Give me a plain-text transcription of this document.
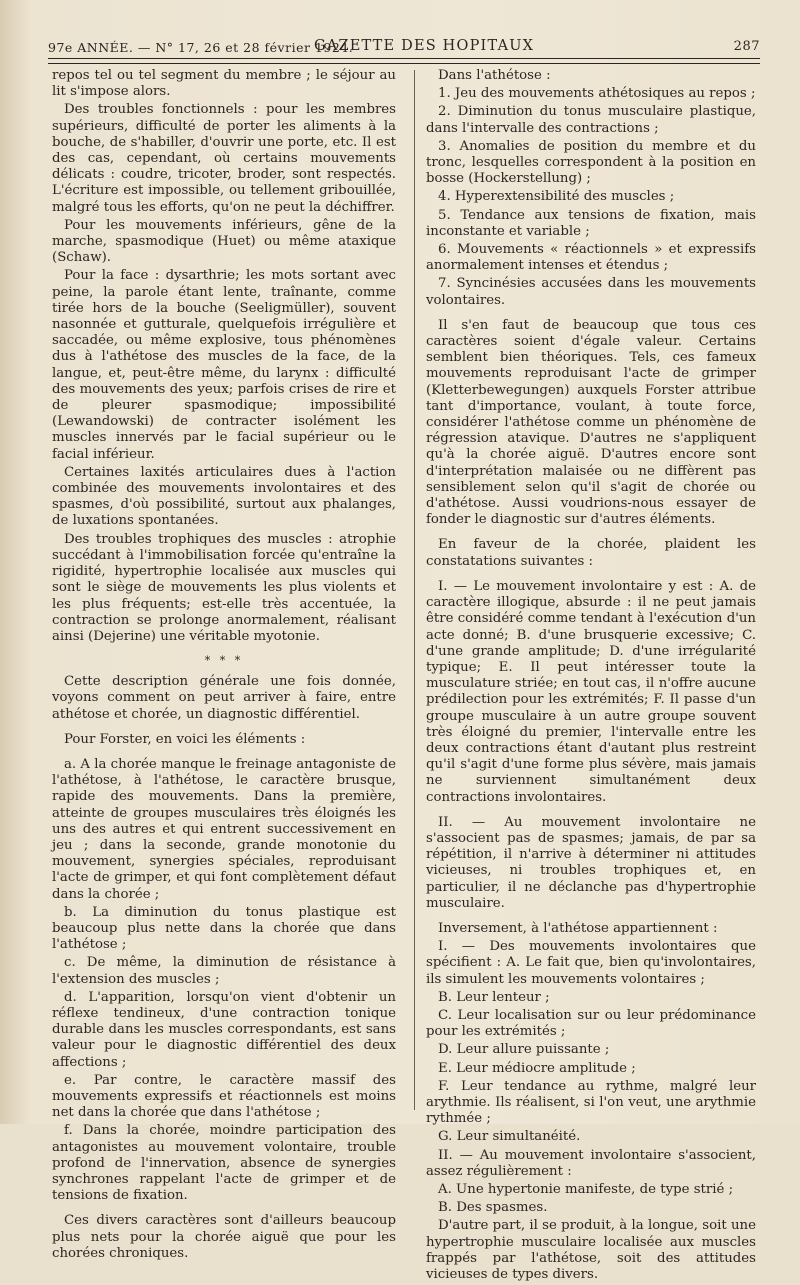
97e ANNÉE. — N° 17, 26 et 28 février 1924.
GAZETTE DES HOPITAUX	287

repos tel ou tel segment du membre ; le séjour au lit s'impose alors.

Des troubles fonctionnels : pour les membres supérieurs, difficulté de porter les aliments à la bouche, de s'habiller, d'ouvrir une porte, etc. Il est des cas, cependant, où certains mouvements délicats : coudre, tricoter, broder, sont respectés. L'écriture est impossible, ou tellement gribouillée, malgré tous les efforts, qu'on ne peut la déchiffrer.

Pour les mouvements inférieurs, gêne de la marche, spasmodique (Huet) ou même ataxique (Schaw).

Pour la face : dysarthrie; les mots sortant avec peine, la parole étant lente, traînante, comme tirée hors de la bouche (Seeligmüller), souvent nasonnée et gutturale, quelquefois irrégulière et saccadée, ou même explosive, tous phénomènes dus à l'athétose des muscles de la face, de la langue, et, peut-être même, du larynx : difficulté des mouvements des yeux; parfois crises de rire et de pleurer spasmodique; impossibilité (Lewandowski) de contracter isolément les muscles innervés par le facial supérieur ou le facial inférieur.

Certaines laxités articulaires dues à l'action combinée des mouvements involontaires et des spasmes, d'où possibilité, surtout aux phalanges, de luxations spontanées.

Des troubles trophiques des muscles : atrophie succédant à l'immobilisation forcée qu'entraîne la rigidité, hypertrophie localisée aux muscles qui sont le siège de mouvements les plus violents et les plus fréquents; est-elle très accentuée, la contraction se prolonge anormalement, réalisant ainsi (Dejerine) une véritable myotonie.

* * *

Cette description générale une fois donnée, voyons comment on peut arriver à faire, entre athétose et chorée, un diagnostic différentiel.

Pour Forster, en voici les éléments :

a. A la chorée manque le freinage antagoniste de l'athétose, à l'athétose, le caractère brusque, rapide des mouvements. Dans la première, atteinte de groupes musculaires très éloignés les uns des autres et qui entrent successivement en jeu ; dans la seconde, grande monotonie du mouvement, synergies spéciales, reproduisant l'acte de grimper, et qui font complètement défaut dans la chorée ;

b. La diminution du tonus plastique est beaucoup plus nette dans la chorée que dans l'athétose ;

c. De même, la diminution de résistance à l'extension des muscles ;

d. L'apparition, lorsqu'on vient d'obtenir un réflexe tendineux, d'une contraction tonique durable dans les muscles correspondants, est sans valeur pour le diagnostic différentiel des deux affections ;

e. Par contre, le caractère massif des mouvements expressifs et réactionnels est moins net dans la chorée que dans l'athétose ;

f. Dans la chorée, moindre participation des antagonistes au mouvement volontaire, trouble profond de l'innervation, absence de synergies synchrones rappelant l'acte de grimper et de tensions de fixation.

Ces divers caractères sont d'ailleurs beaucoup plus nets pour la chorée aiguë que pour les chorées chroniques.

Dans l'athétose :

1. Jeu des mouvements athétosiques au repos ;

2. Diminution du tonus musculaire plastique, dans l'intervalle des contractions ;

3. Anomalies de position du membre et du tronc, lesquelles correspondent à la position en bosse (Hockerstellung) ;

4. Hyperextensibilité des muscles ;

5. Tendance aux tensions de fixation, mais inconstante et variable ;

6. Mouvements « réactionnels » et expressifs anormalement intenses et étendus ;

7. Syncinésies accusées dans les mouvements volontaires.

Il s'en faut de beaucoup que tous ces caractères soient d'égale valeur. Certains semblent bien théoriques. Tels, ces fameux mouvements reproduisant l'acte de grimper (Kletterbewegungen) auxquels Forster attribue tant d'importance, voulant, à toute force, considérer l'athétose comme un phénomène de régression atavique. D'autres ne s'appliquent qu'à la chorée aiguë. D'autres encore sont d'interprétation malaisée ou ne diffèrent pas sensiblement selon qu'il s'agit de chorée ou d'athétose. Aussi voudrions-nous essayer de fonder le diagnostic sur d'autres éléments.

En faveur de la chorée, plaident les constatations suivantes :

I. — Le mouvement involontaire y est : A. de caractère illogique, absurde : il ne peut jamais être considéré comme tendant à l'exécution d'un acte donné; B. d'une brusquerie excessive; C. d'une grande amplitude; D. d'une irrégularité typique; E. Il peut intéresser toute la musculature striée; en tout cas, il n'offre aucune prédilection pour les extrémités; F. Il passe d'un groupe musculaire à un autre groupe souvent très éloigné du premier, l'intervalle entre les deux contractions étant d'autant plus restreint qu'il s'agit d'une forme plus sévère, mais jamais ne surviennent simultanément deux contractions involontaires.

II. — Au mouvement involontaire ne s'associent pas de spasmes; jamais, de par sa répétition, il n'arrive à déterminer ni attitudes vicieuses, ni troubles trophiques et, en particulier, il ne déclanche pas d'hypertrophie musculaire.

Inversement, à l'athétose appartiennent :

I. — Des mouvements involontaires que spécifient : A. Le fait que, bien qu'involontaires, ils simulent les mouvements volontaires ;

B. Leur lenteur ;

C. Leur localisation sur ou leur prédominance pour les extrémités ;

D. Leur allure puissante ;

E. Leur médiocre amplitude ;

F. Leur tendance au rythme, malgré leur arythmie. Ils réalisent, si l'on veut, une arythmie rythmée ;

G. Leur simultanéité.

II. — Au mouvement involontaire s'associent, assez régulièrement :

A. Une hypertonie manifeste, de type strié ;

B. Des spasmes.

D'autre part, il se produit, à la longue, soit une hypertrophie musculaire localisée aux muscles frappés par l'athétose, soit des attitudes vicieuses de types divers.
